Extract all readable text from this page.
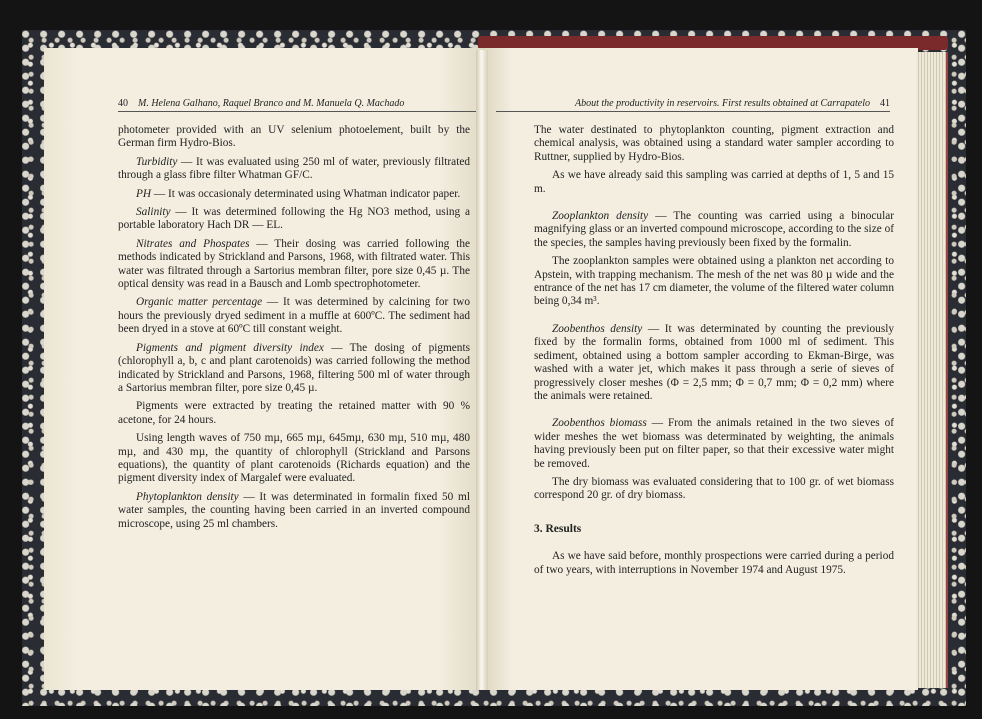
40 M. Helena Galhano, Raquel Branco and M. Manuela Q. Machado

photometer provided with an UV selenium photoelement, built by the German firm Hydro-Bios.

Turbidity — It was evaluated using 250 ml of water, previously filtrated through a glass fibre filter Whatman GF/C.

PH — It was occasionaly determinated using Whatman indicator paper.

Salinity — It was determined following the Hg NO3 method, using a portable laboratory Hach DR — EL.

Nitrates and Phospates — Their dosing was carried following the methods indicated by Strickland and Parsons, 1968, with filtrated water. This water was filtrated through a Sartorius membran filter, pore size 0,45 µ. The optical density was read in a Bausch and Lomb spectrophotometer.

Organic matter percentage — It was determined by calcining for two hours the previously dryed sediment in a muffle at 600ºC. The sediment had been dryed in a stove at 60ºC till constant weight.

Pigments and pigment diversity index — The dosing of pigments (chlorophyll a, b, c and plant carotenoids) was carried following the method indicated by Strickland and Parsons, 1968, filtering 500 ml of water through a Sartorius membran filter, pore size 0,45 µ.

Pigments were extracted by treating the retained matter with 90 % acetone, for 24 hours.

Using length waves of 750 mµ, 665 mµ, 645mµ, 630 mµ, 510 mµ, 480 mµ, and 430 mµ, the quantity of chlorophyll (Strickland and Parsons equations), the quantity of plant carotenoids (Richards equation) and the pigment diversity index of Margalef were evaluated.

Phytoplankton density — It was determinated in formalin fixed 50 ml water samples, the counting having been carried in an inverted compound microscope, using 25 ml chambers.

About the productivity in reservoirs. First results obtained at Carrapatelo 41

The water destinated to phytoplankton counting, pigment extraction and chemical analysis, was obtained using a standard water sampler according to Ruttner, supplied by Hydro-Bios.

As we have already said this sampling was carried at depths of 1, 5 and 15 m.

Zooplankton density — The counting was carried using a binocular magnifying glass or an inverted compound microscope, according to the size of the species, the samples having previously been fixed by the formalin.

The zooplankton samples were obtained using a plankton net according to Apstein, with trapping mechanism. The mesh of the net was 80 µ wide and the entrance of the net has 17 cm diameter, the volume of the filtered water column being 0,34 m³.

Zoobenthos density — It was determinated by counting the previously fixed by the formalin forms, obtained from 1000 ml of sediment. This sediment, obtained using a bottom sampler according to Ekman-Birge, was washed with a water jet, which makes it pass through a serie of sieves of progressively closer meshes (Φ = 2,5 mm; Φ = 0,7 mm; Φ = 0,2 mm) where the animals were retained.

Zoobenthos biomass — From the animals retained in the two sieves of wider meshes the wet biomass was determinated by weighting, the animals having previously been put on filter paper, so that their excessive water might be removed.

The dry biomass was evaluated considering that to 100 gr. of wet biomass correspond 20 gr. of dry biomass.

3. Results

As we have said before, monthly prospections were carried during a period of two years, with interruptions in November 1974 and August 1975.
